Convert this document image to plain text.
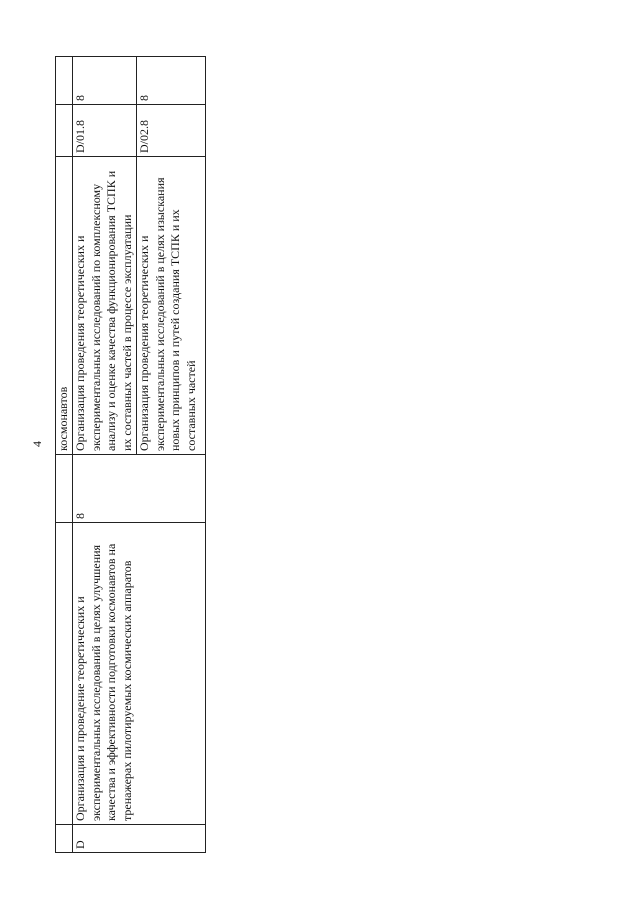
4
			космонавтов		
D	Организация и проведение теоретических и экспериментальных исследований в целях улучшения качества и эффективности подготовки космонавтов на тренажерах пилотируемых космических аппаратов	8	Организация проведения теоретических и экспериментальных исследований по комплексному анализу и оценке качества функционирования ТСПК и их составных частей в процессе эксплуатации	D/01.8	8
			Организация проведения теоретических и экспериментальных исследований в целях изыскания новых принципов и путей создания ТСПК и их составных частей	D/02.8	8
